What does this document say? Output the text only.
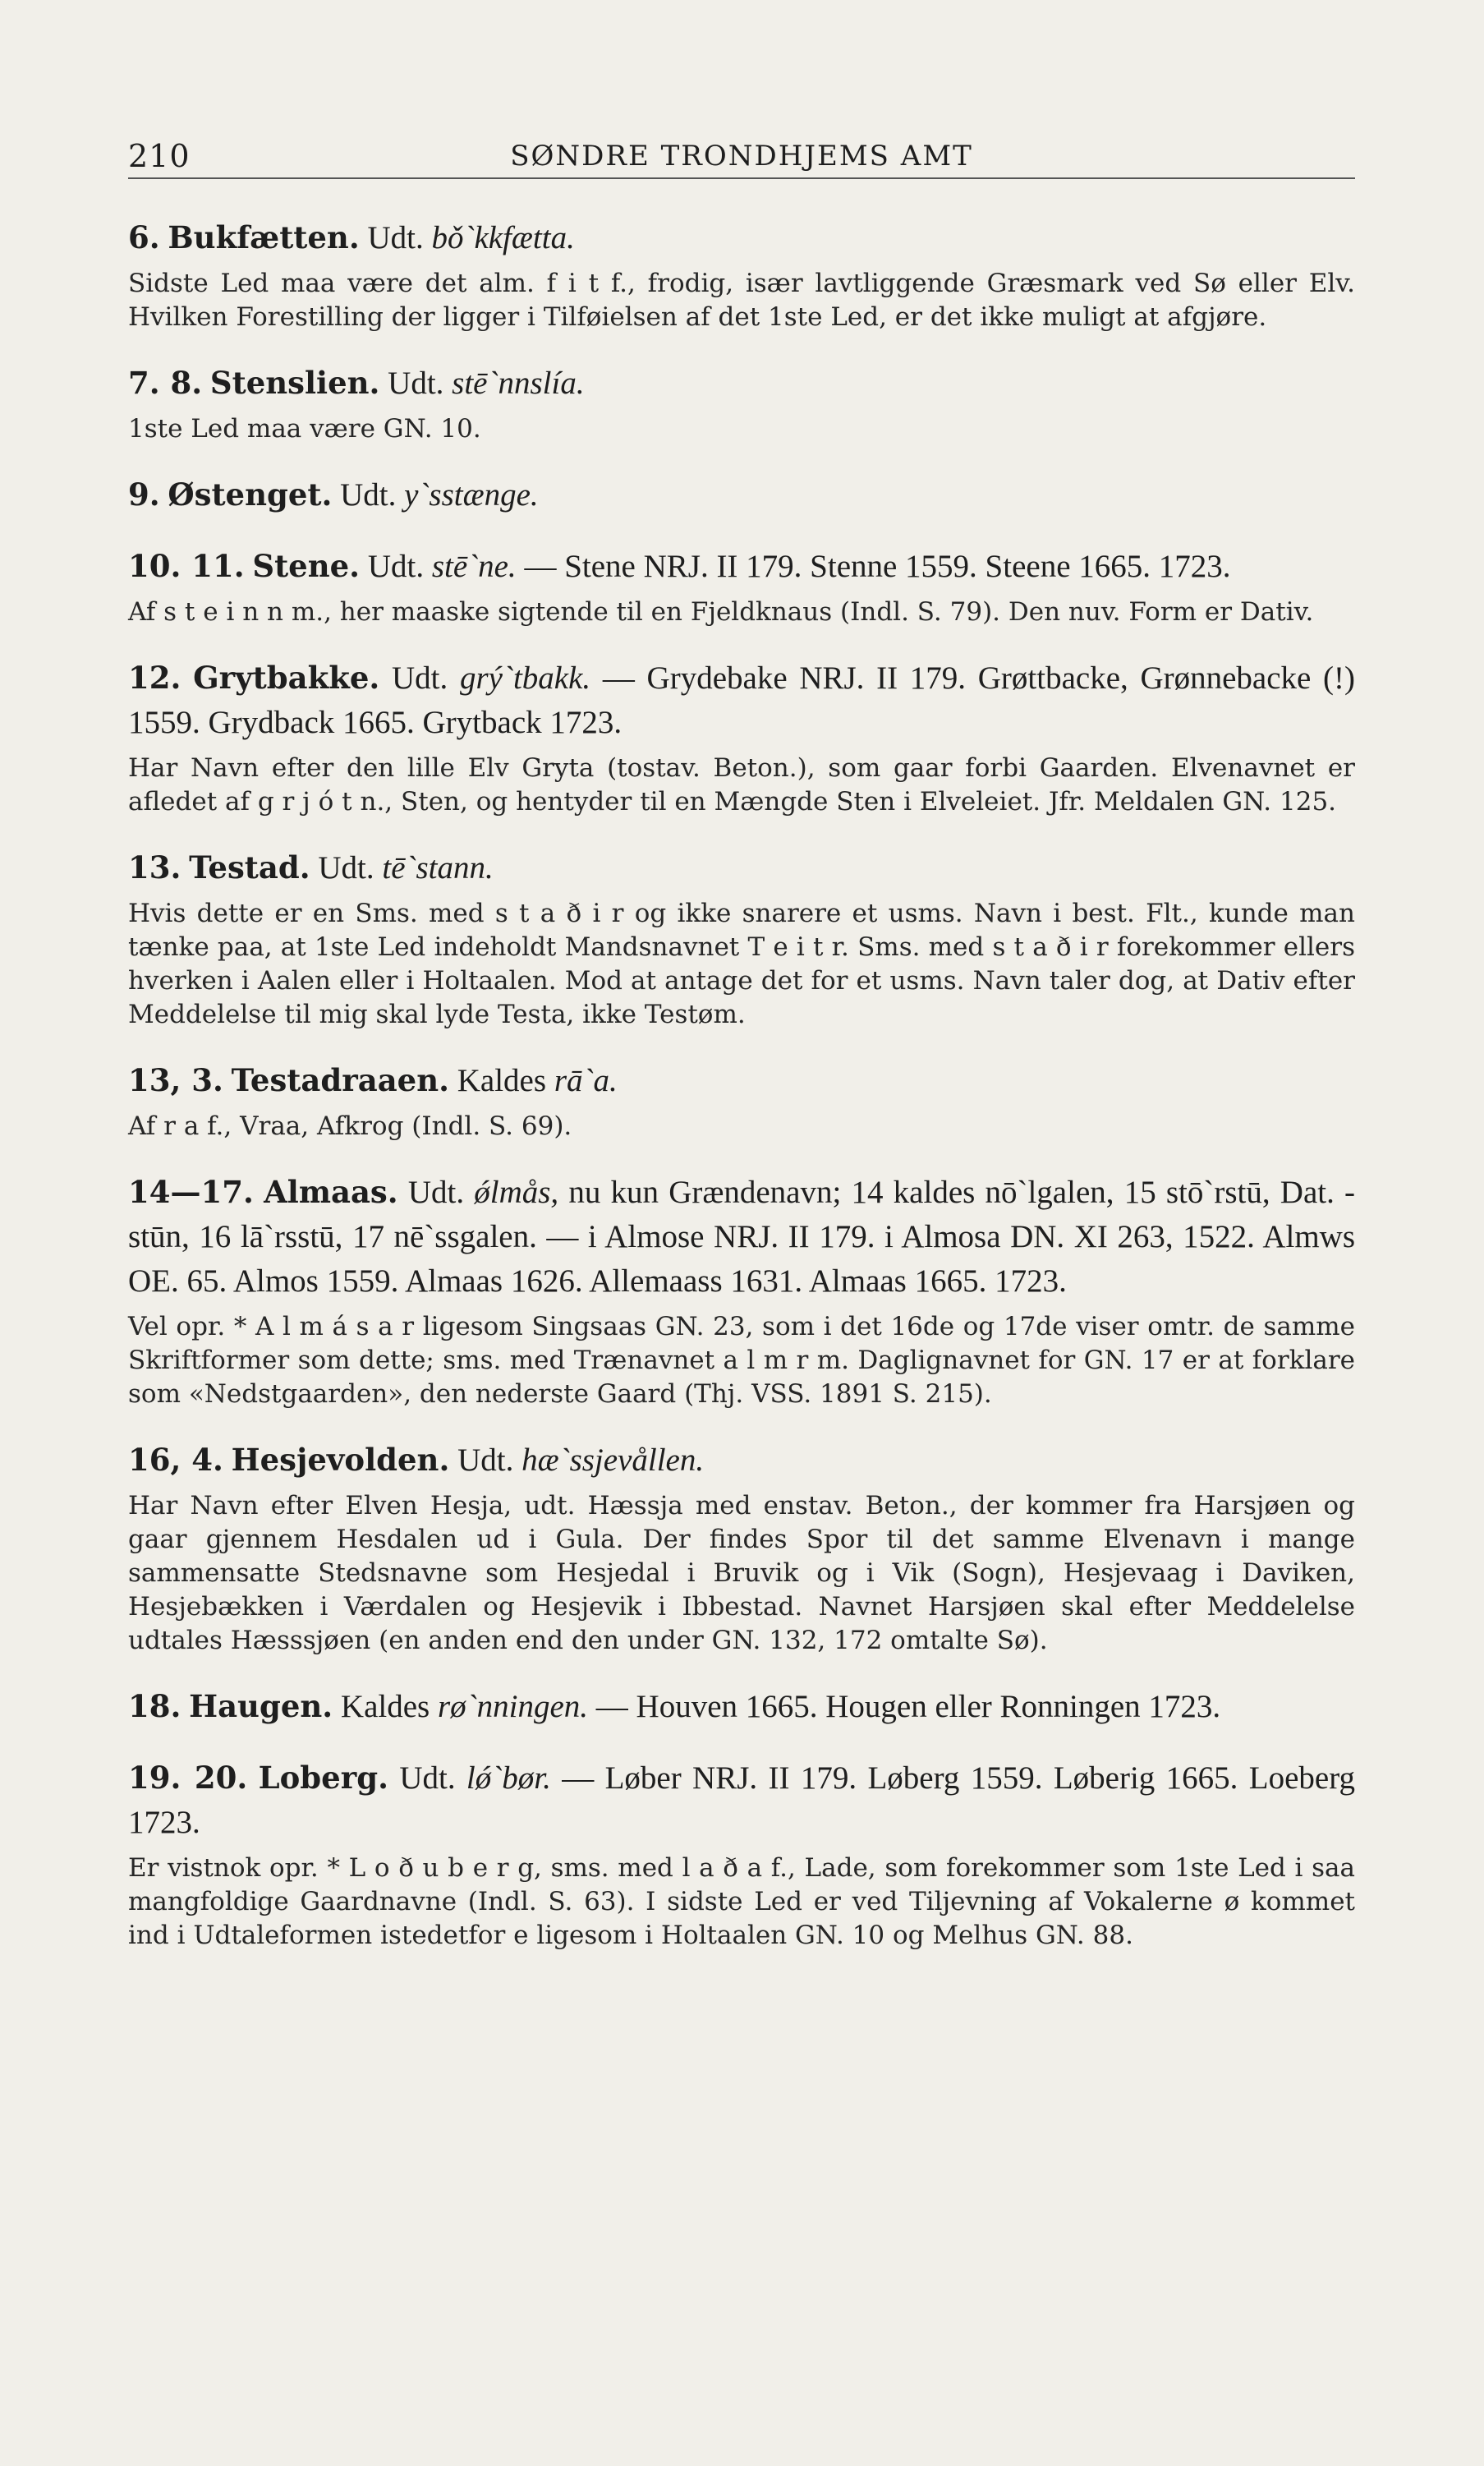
210	SØNDRE TRONDHJEMS AMT

6. Bukfætten. Udt. bǒ`kkfætta.

Sidste Led maa være det alm. f i t f., frodig, især lavtliggende Græsmark ved Sø eller Elv. Hvilken Forestilling der ligger i Tilføielsen af det 1ste Led, er det ikke muligt at afgjøre.

7. 8. Stenslien. Udt. stē`nnslía.

1ste Led maa være GN. 10.

9. Østenget. Udt. y`sstænge.

10. 11. Stene. Udt. stē`ne. — Stene NRJ. II 179. Stenne 1559. Steene 1665. 1723.

Af s t e i n n m., her maaske sigtende til en Fjeldknaus (Indl. S. 79). Den nuv. Form er Dativ.

12. Grytbakke. Udt. grý`tbakk. — Grydebake NRJ. II 179. Grøttbacke, Grønnebacke (!) 1559. Grydback 1665. Grytback 1723.

Har Navn efter den lille Elv Gryta (tostav. Beton.), som gaar forbi Gaarden. Elvenavnet er afledet af g r j ó t n., Sten, og hentyder til en Mængde Sten i Elveleiet. Jfr. Meldalen GN. 125.

13. Testad. Udt. tē`stann.

Hvis dette er en Sms. med s t a ð i r og ikke snarere et usms. Navn i best. Flt., kunde man tænke paa, at 1ste Led indeholdt Mandsnavnet T e i t r. Sms. med s t a ð i r forekommer ellers hverken i Aalen eller i Holtaalen. Mod at antage det for et usms. Navn taler dog, at Dativ efter Meddelelse til mig skal lyde Testa, ikke Testøm.

13, 3. Testadraaen. Kaldes rā`a.

Af r a f., Vraa, Afkrog (Indl. S. 69).

14—17. Almaas. Udt. ǿlmås, nu kun Grændenavn; 14 kaldes nō`lgalen, 15 stō`rstū, Dat. -stūn, 16 lā`rsstū, 17 nē`ssgalen. — i Almose NRJ. II 179. i Almosa DN. XI 263, 1522. Almws OE. 65. Almos 1559. Almaas 1626. Allemaass 1631. Almaas 1665. 1723.

Vel opr. * A l m á s a r ligesom Singsaas GN. 23, som i det 16de og 17de viser omtr. de samme Skriftformer som dette; sms. med Trænavnet a l m r m. Daglignavnet for GN. 17 er at forklare som «Nedstgaarden», den nederste Gaard (Thj. VSS. 1891 S. 215).

16, 4. Hesjevolden. Udt. hæ`ssjevållen.

Har Navn efter Elven Hesja, udt. Hæssja med enstav. Beton., der kommer fra Harsjøen og gaar gjennem Hesdalen ud i Gula. Der findes Spor til det samme Elvenavn i mange sammensatte Stedsnavne som Hesjedal i Bruvik og i Vik (Sogn), Hesjevaag i Daviken, Hesjebækken i Værdalen og Hesjevik i Ibbestad. Navnet Harsjøen skal efter Meddelelse udtales Hæsssjøen (en anden end den under GN. 132, 172 omtalte Sø).

18. Haugen. Kaldes rø`nningen. — Houven 1665. Hougen eller Ronningen 1723.

19. 20. Loberg. Udt. lǿ`bør. — Løber NRJ. II 179. Løberg 1559. Løberig 1665. Loeberg 1723.

Er vistnok opr. * L o ð u b e r g, sms. med l a ð a f., Lade, som forekommer som 1ste Led i saa mangfoldige Gaardnavne (Indl. S. 63). I sidste Led er ved Tiljevning af Vokalerne ø kommet ind i Udtaleformen istedetfor e ligesom i Holtaalen GN. 10 og Melhus GN. 88.
